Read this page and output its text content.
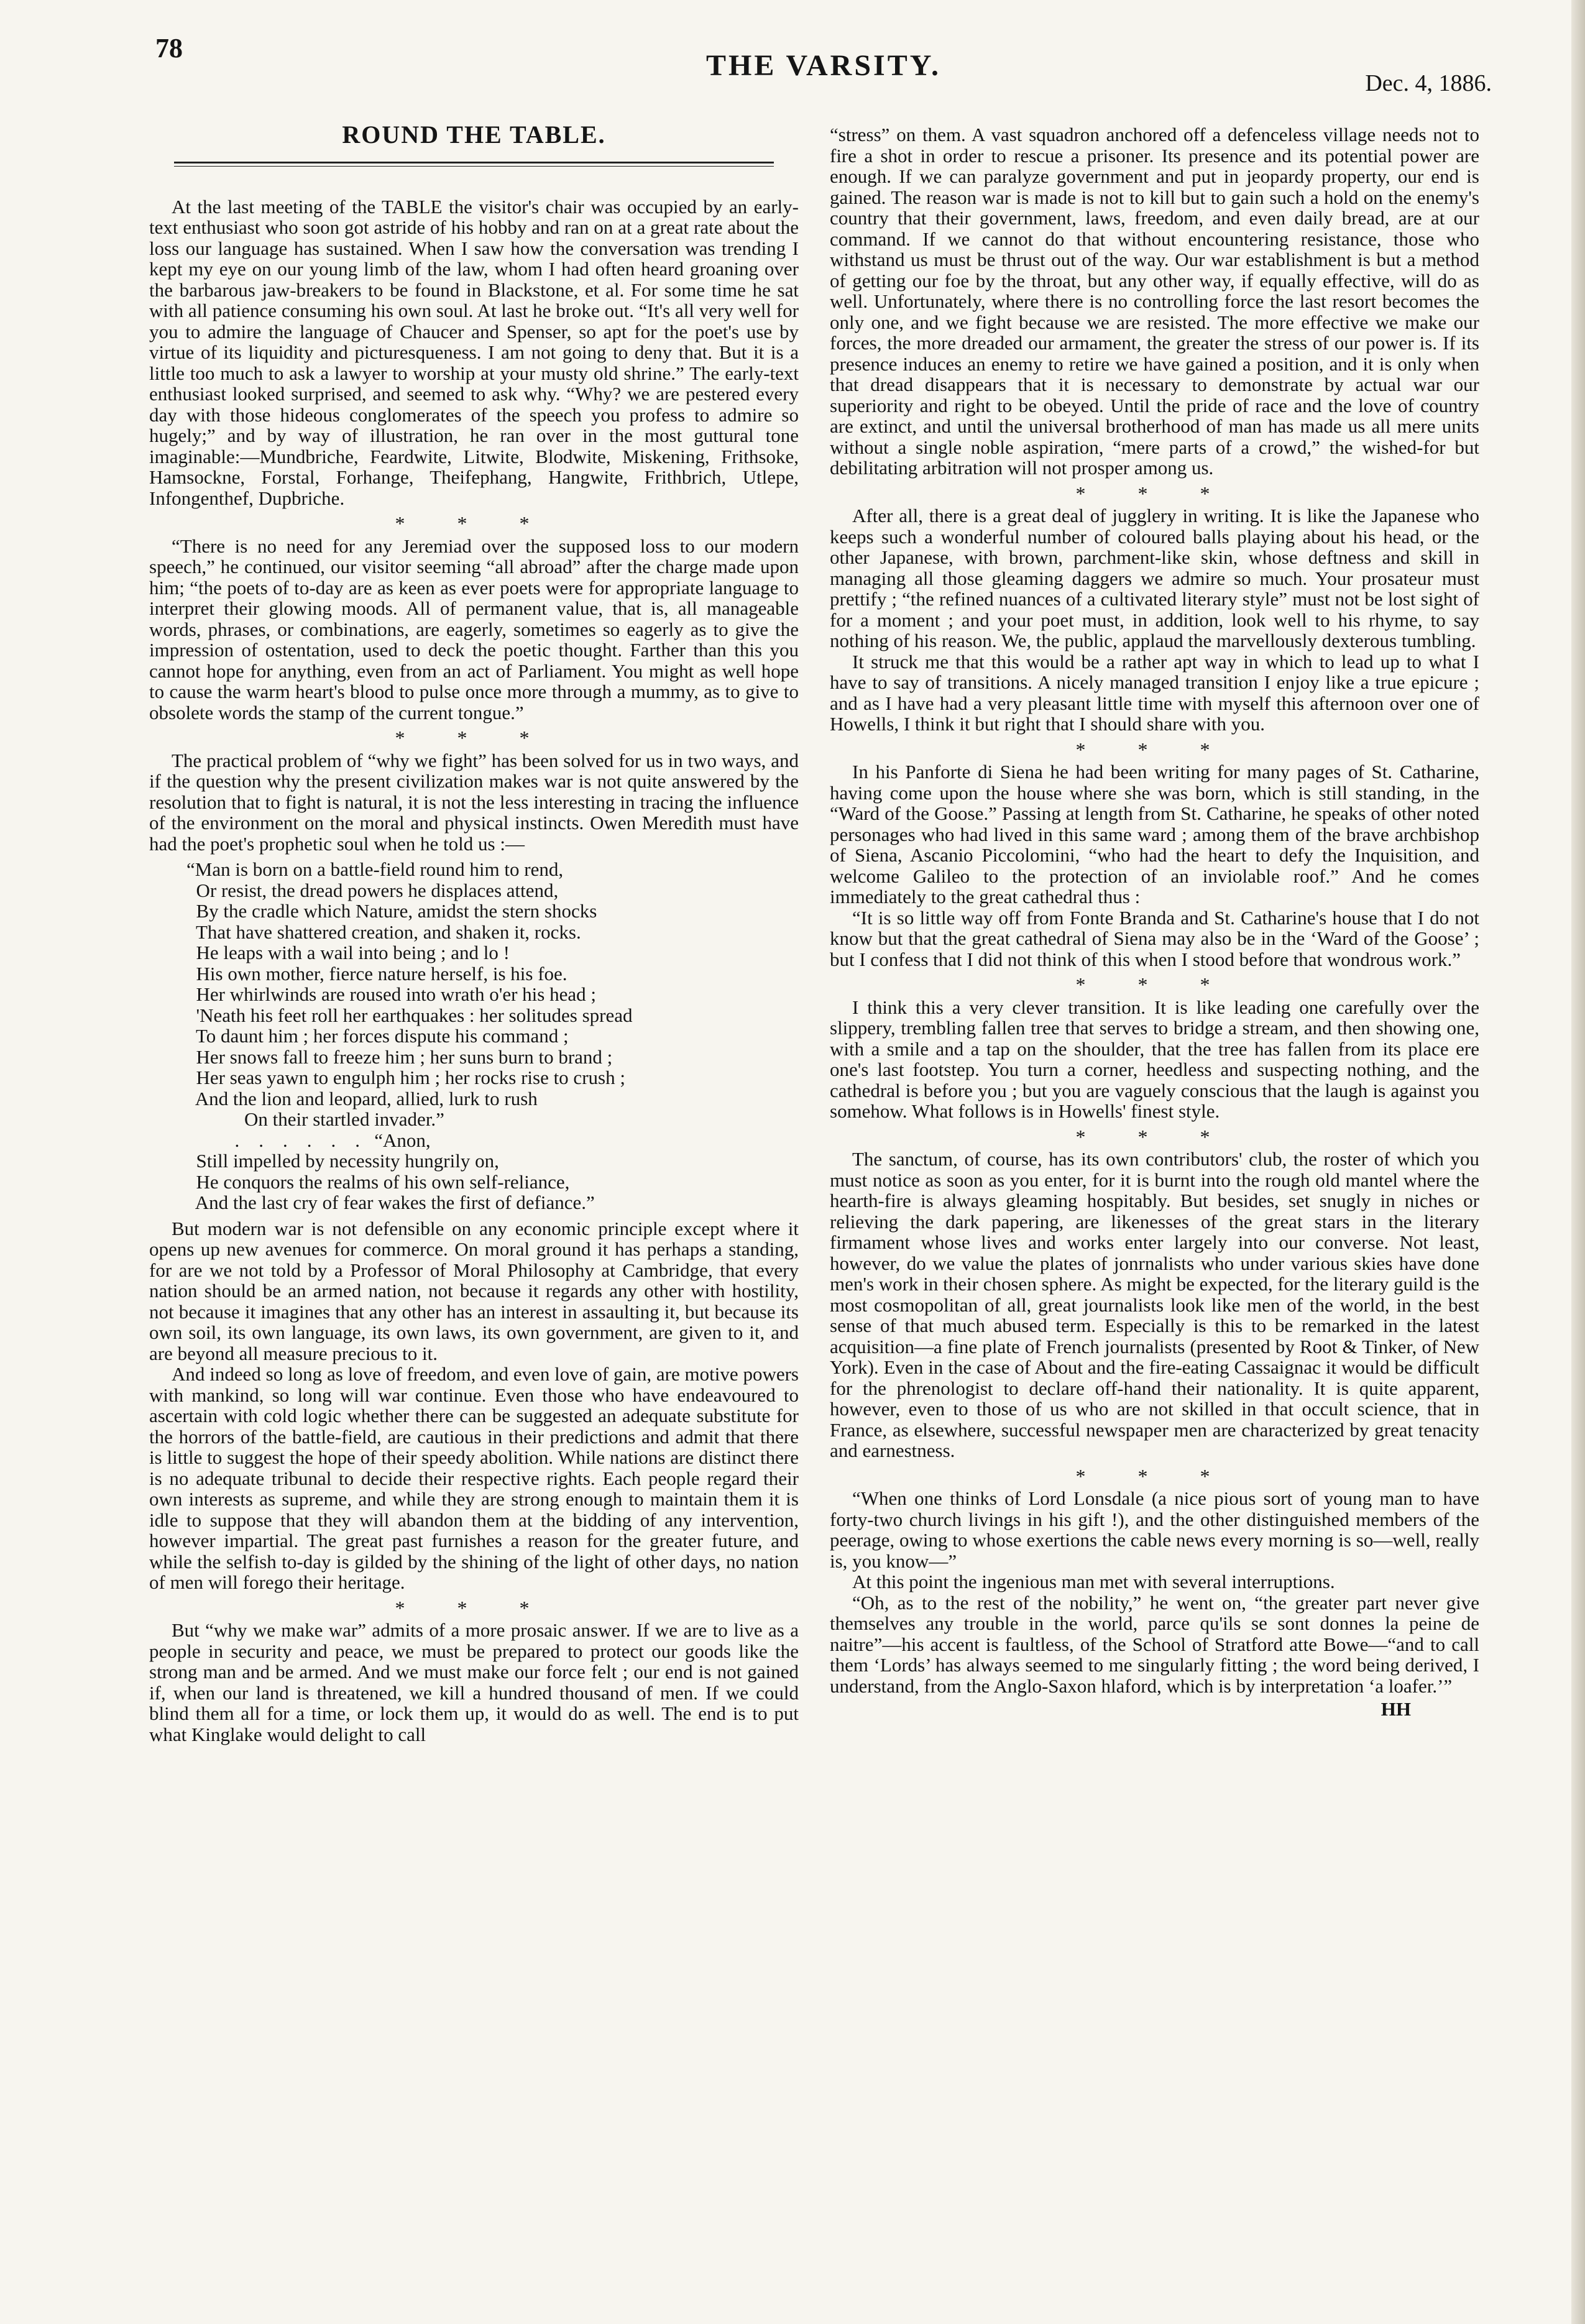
78
THE VARSITY.
Dec. 4, 1886.
ROUND THE TABLE.

At the last meeting of the TABLE the visitor's chair was occupied by an early-text enthusiast who soon got astride of his hobby and ran on at a great rate about the loss our language has sustained. When I saw how the conversation was trending I kept my eye on our young limb of the law, whom I had often heard groaning over the barbarous jaw-breakers to be found in Blackstone, et al. For some time he sat with all patience consuming his own soul. At last he broke out. “It's all very well for you to admire the language of Chaucer and Spenser, so apt for the poet's use by virtue of its liquidity and picturesqueness. I am not going to deny that. But it is a little too much to ask a lawyer to worship at your musty old shrine.” The early-text enthusiast looked surprised, and seemed to ask why. “Why? we are pestered every day with those hideous conglomerates of the speech you profess to admire so hugely;” and by way of illustration, he ran over in the most guttural tone imaginable:—Mundbriche, Feardwite, Litwite, Blodwite, Miskening, Frithsoke, Hamsockne, Forstal, Forhange, Theifephang, Hangwite, Frithbrich, Utlepe, Infongenthef, Dupbriche.

* * *

“There is no need for any Jeremiad over the supposed loss to our modern speech,” he continued, our visitor seeming “all abroad” after the charge made upon him; “the poets of to-day are as keen as ever poets were for appropriate language to interpret their glowing moods. All of permanent value, that is, all manageable words, phrases, or combinations, are eagerly, sometimes so eagerly as to give the impression of ostentation, used to deck the poetic thought. Farther than this you cannot hope for anything, even from an act of Parliament. You might as well hope to cause the warm heart's blood to pulse once more through a mummy, as to give to obsolete words the stamp of the current tongue.”

* * *

The practical problem of “why we fight” has been solved for us in two ways, and if the question why the present civilization makes war is not quite answered by the resolution that to fight is natural, it is not the less interesting in tracing the influence of the environment on the moral and physical instincts. Owen Meredith must have had the poet's prophetic soul when he told us :—

“Man is born on a battle-field round him to rend,
Or resist, the dread powers he displaces attend,
By the cradle which Nature, amidst the stern shocks
That have shattered creation, and shaken it, rocks.
He leaps with a wail into being ; and lo !
His own mother, fierce nature herself, is his foe.
Her whirlwinds are roused into wrath o'er his head ;
'Neath his feet roll her earthquakes : her solitudes spread
To daunt him ; her forces dispute his command ;
Her snows fall to freeze him ; her suns burn to brand ;
Her seas yawn to engulph him ; her rocks rise to crush ;
And the lion and leopard, allied, lurk to rush
On their startled invader.”
.    .    .    .    .    .   “Anon,
Still impelled by necessity hungrily on,
He conquors the realms of his own self-reliance,
And the last cry of fear wakes the first of defiance.”

But modern war is not defensible on any economic principle except where it opens up new avenues for commerce. On moral ground it has perhaps a standing, for are we not told by a Professor of Moral Philosophy at Cambridge, that every nation should be an armed nation, not because it regards any other with hostility, not because it imagines that any other has an interest in assaulting it, but because its own soil, its own language, its own laws, its own government, are given to it, and are beyond all measure precious to it.

And indeed so long as love of freedom, and even love of gain, are motive powers with mankind, so long will war continue. Even those who have endeavoured to ascertain with cold logic whether there can be suggested an adequate substitute for the horrors of the battle-field, are cautious in their predictions and admit that there is little to suggest the hope of their speedy abolition. While nations are distinct there is no adequate tribunal to decide their respective rights. Each people regard their own interests as supreme, and while they are strong enough to maintain them it is idle to suppose that they will abandon them at the bidding of any intervention, however impartial. The great past furnishes a reason for the greater future, and while the selfish to-day is gilded by the shining of the light of other days, no nation of men will forego their heritage.

* * *

But “why we make war” admits of a more prosaic answer. If we are to live as a people in security and peace, we must be prepared to protect our goods like the strong man and be armed. And we must make our force felt ; our end is not gained if, when our land is threatened, we kill a hundred thousand of men. If we could blind them all for a time, or lock them up, it would do as well. The end is to put what Kinglake would delight to call

“stress” on them. A vast squadron anchored off a defenceless village needs not to fire a shot in order to rescue a prisoner. Its presence and its potential power are enough. If we can paralyze government and put in jeopardy property, our end is gained. The reason war is made is not to kill but to gain such a hold on the enemy's country that their government, laws, freedom, and even daily bread, are at our command. If we cannot do that without encountering resistance, those who withstand us must be thrust out of the way. Our war establishment is but a method of getting our foe by the throat, but any other way, if equally effective, will do as well. Unfortunately, where there is no controlling force the last resort becomes the only one, and we fight because we are resisted. The more effective we make our forces, the more dreaded our armament, the greater the stress of our power is. If its presence induces an enemy to retire we have gained a position, and it is only when that dread disappears that it is necessary to demonstrate by actual war our superiority and right to be obeyed. Until the pride of race and the love of country are extinct, and until the universal brotherhood of man has made us all mere units without a single noble aspiration, “mere parts of a crowd,” the wished-for but debilitating arbitration will not prosper among us.

* * *

After all, there is a great deal of jugglery in writing. It is like the Japanese who keeps such a wonderful number of coloured balls playing about his head, or the other Japanese, with brown, parchment-like skin, whose deftness and skill in managing all those gleaming daggers we admire so much. Your prosateur must prettify ; “the refined nuances of a cultivated literary style” must not be lost sight of for a moment ; and your poet must, in addition, look well to his rhyme, to say nothing of his reason. We, the public, applaud the marvellously dexterous tumbling.

It struck me that this would be a rather apt way in which to lead up to what I have to say of transitions. A nicely managed transition I enjoy like a true epicure ; and as I have had a very pleasant little time with myself this afternoon over one of Howells, I think it but right that I should share with you.

* * *

In his Panforte di Siena he had been writing for many pages of St. Catharine, having come upon the house where she was born, which is still standing, in the “Ward of the Goose.” Passing at length from St. Catharine, he speaks of other noted personages who had lived in this same ward ; among them of the brave archbishop of Siena, Ascanio Piccolomini, “who had the heart to defy the Inquisition, and welcome Galileo to the protection of an inviolable roof.” And he comes immediately to the great cathedral thus :

“It is so little way off from Fonte Branda and St. Catharine's house that I do not know but that the great cathedral of Siena may also be in the ‘Ward of the Goose’ ; but I confess that I did not think of this when I stood before that wondrous work.”

* * *

I think this a very clever transition. It is like leading one carefully over the slippery, trembling fallen tree that serves to bridge a stream, and then showing one, with a smile and a tap on the shoulder, that the tree has fallen from its place ere one's last footstep. You turn a corner, heedless and suspecting nothing, and the cathedral is before you ; but you are vaguely conscious that the laugh is against you somehow. What follows is in Howells' finest style.

* * *

The sanctum, of course, has its own contributors' club, the roster of which you must notice as soon as you enter, for it is burnt into the rough old mantel where the hearth-fire is always gleaming hospitably. But besides, set snugly in niches or relieving the dark papering, are likenesses of the great stars in the literary firmament whose lives and works enter largely into our converse. Not least, however, do we value the plates of jonrnalists who under various skies have done men's work in their chosen sphere. As might be expected, for the literary guild is the most cosmopolitan of all, great journalists look like men of the world, in the best sense of that much abused term. Especially is this to be remarked in the latest acquisition—a fine plate of French journalists (presented by Root & Tinker, of New York). Even in the case of About and the fire-eating Cassaignac it would be difficult for the phrenologist to declare off-hand their nationality. It is quite apparent, however, even to those of us who are not skilled in that occult science, that in France, as elsewhere, successful newspaper men are characterized by great tenacity and earnestness.

* * *

“When one thinks of Lord Lonsdale (a nice pious sort of young man to have forty-two church livings in his gift !), and the other distinguished members of the peerage, owing to whose exertions the cable news every morning is so—well, really is, you know—”

At this point the ingenious man met with several interruptions.

“Oh, as to the rest of the nobility,” he went on, “the greater part never give themselves any trouble in the world, parce qu'ils se sont donnes la peine de naitre”—his accent is faultless, of the School of Stratford atte Bowe—“and to call them ‘Lords’ has always seemed to me singularly fitting ; the word being derived, I understand, from the Anglo-Saxon hlaford, which is by interpretation ‘a loafer.’”

HH
